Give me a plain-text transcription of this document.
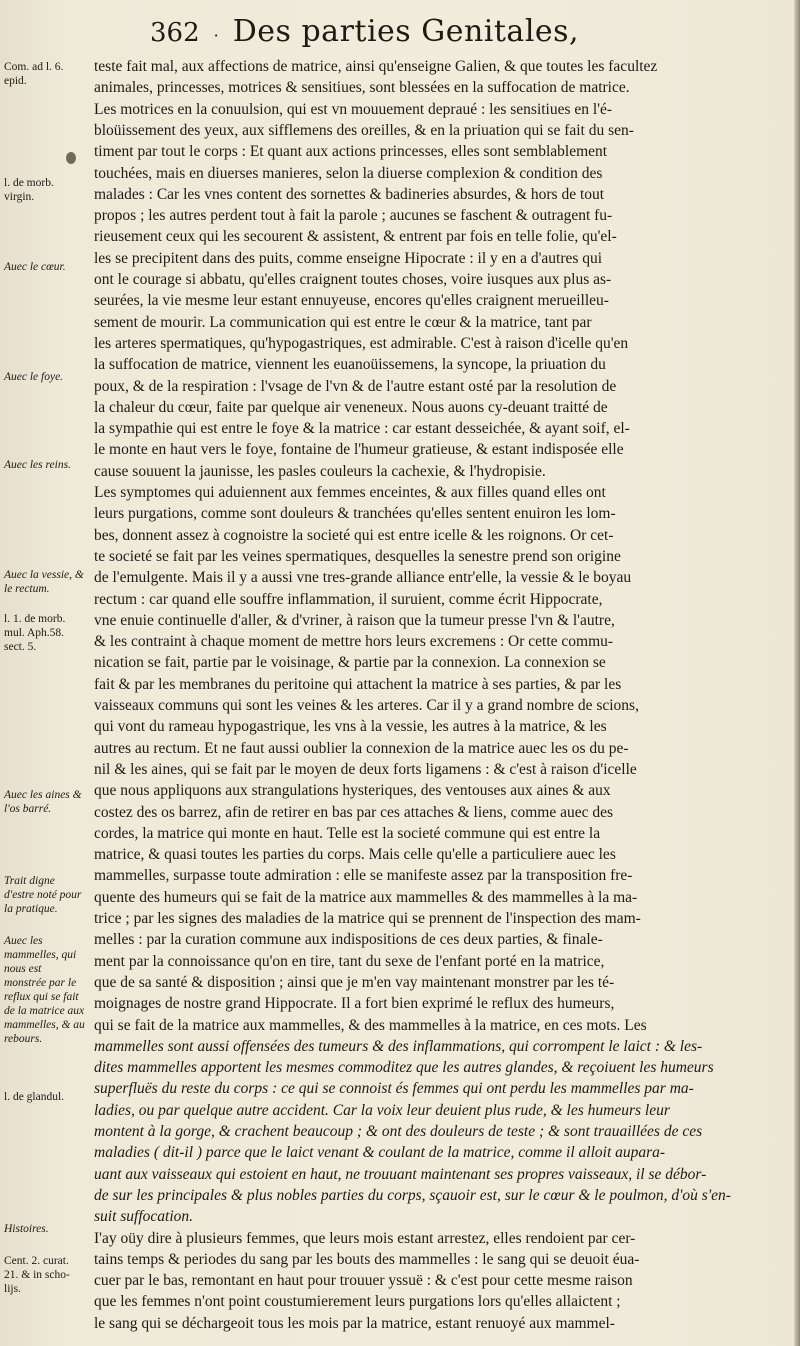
362 · Des parties Genitales,
Com. ad l. 6. epid.
l. de morb. virgin.
Auec le cœur.
Auec le foye.
Auec les reins.
Auec la vessie, & le rectum.
l. 1. de morb. mul. Aph.58. sect. 5.
Auec les aines & l'os barré.
Trait digne d'estre noté pour la pratique.
Auec les mammelles, qui nous est monstrée par le reflux qui se fait de la matrice aux mammelles, & au rebours.
l. de glandul.
Histoires.
Cent. 2. curat. 21. & in scho-lijs.
teste fait mal, aux affections de matrice, ainsi qu'enseigne Galien, & que toutes les facultez
animales, princesses, motrices & sensitiues, sont blessées en la suffocation de matrice.
Les motrices en la conuulsion, qui est vn mouuement depraué : les sensitiues en l'é-
bloüissement des yeux, aux sifflemens des oreilles, & en la priuation qui se fait du sen-
timent par tout le corps : Et quant aux actions princesses, elles sont semblablement
touchées, mais en diuerses manieres, selon la diuerse complexion & condition des
malades : Car les vnes content des sornettes & badineries absurdes, & hors de tout
propos ; les autres perdent tout à fait la parole ; aucunes se faschent & outragent fu-
rieusement ceux qui les secourent & assistent, & entrent par fois en telle folie, qu'el-
les se precipitent dans des puits, comme enseigne Hipocrate : il y en a d'autres qui
ont le courage si abbatu, qu'elles craignent toutes choses, voire iusques aux plus as-
seurées, la vie mesme leur estant ennuyeuse, encores qu'elles craignent merueilleu-
sement de mourir. La communication qui est entre le cœur & la matrice, tant par
les arteres spermatiques, qu'hypogastriques, est admirable. C'est à raison d'icelle qu'en
la suffocation de matrice, viennent les euanoüissemens, la syncope, la priuation du
poux, & de la respiration : l'vsage de l'vn & de l'autre estant osté par la resolution de
la chaleur du cœur, faite par quelque air veneneux. Nous auons cy-deuant traitté de
la sympathie qui est entre le foye & la matrice : car estant desseichée, & ayant soif, el-
le monte en haut vers le foye, fontaine de l'humeur gratieuse, & estant indisposée elle
cause souuent la jaunisse, les pasles couleurs la cachexie, & l'hydropisie.
Les symptomes qui aduiennent aux femmes enceintes, & aux filles quand elles ont
leurs purgations, comme sont douleurs & tranchées qu'elles sentent enuiron les lom-
bes, donnent assez à cognoistre la societé qui est entre icelle & les roignons. Or cet-
te societé se fait par les veines spermatiques, desquelles la senestre prend son origine
de l'emulgente. Mais il y a aussi vne tres-grande alliance entr'elle, la vessie & le boyau
rectum : car quand elle souffre inflammation, il suruient, comme écrit Hippocrate,
vne enuie continuelle d'aller, & d'vriner, à raison que la tumeur presse l'vn & l'autre,
& les contraint à chaque moment de mettre hors leurs excremens : Or cette commu-
nication se fait, partie par le voisinage, & partie par la connexion. La connexion se
fait & par les membranes du peritoine qui attachent la matrice à ses parties, & par les
vaisseaux communs qui sont les veines & les arteres. Car il y a grand nombre de scions,
qui vont du rameau hypogastrique, les vns à la vessie, les autres à la matrice, & les
autres au rectum. Et ne faut aussi oublier la connexion de la matrice auec les os du pe-
nil & les aines, qui se fait par le moyen de deux forts ligamens : & c'est à raison d'icelle
que nous appliquons aux strangulations hysteriques, des ventouses aux aines & aux
costez des os barrez, afin de retirer en bas par ces attaches & liens, comme auec des
cordes, la matrice qui monte en haut. Telle est la societé commune qui est entre la
matrice, & quasi toutes les parties du corps. Mais celle qu'elle a particuliere auec les
mammelles, surpasse toute admiration : elle se manifeste assez par la transposition fre-
quente des humeurs qui se fait de la matrice aux mammelles & des mammelles à la ma-
trice ; par les signes des maladies de la matrice qui se prennent de l'inspection des mam-
melles : par la curation commune aux indispositions de ces deux parties, & finale-
ment par la connoissance qu'on en tire, tant du sexe de l'enfant porté en la matrice,
que de sa santé & disposition ; ainsi que je m'en vay maintenant monstrer par les té-
moignages de nostre grand Hippocrate. Il a fort bien exprimé le reflux des humeurs,
qui se fait de la matrice aux mammelles, & des mammelles à la matrice, en ces mots. Les
mammelles sont aussi offensées des tumeurs & des inflammations, qui corrompent le laict : & les-
dites mammelles apportent les mesmes commoditez que les autres glandes, & reçoiuent les humeurs
superfluës du reste du corps : ce qui se connoist és femmes qui ont perdu les mammelles par ma-
ladies, ou par quelque autre accident. Car la voix leur deuient plus rude, & les humeurs leur
montent à la gorge, & crachent beaucoup ; & ont des douleurs de teste ; & sont trauaillées de ces
maladies ( dit-il ) parce que le laict venant & coulant de la matrice, comme il alloit aupara-
uant aux vaisseaux qui estoient en haut, ne trouuant maintenant ses propres vaisseaux, il se débor-
de sur les principales & plus nobles parties du corps, sçauoir est, sur le cœur & le poulmon, d'où s'en-
suit suffocation.
I'ay oüy dire à plusieurs femmes, que leurs mois estant arrestez, elles rendoient par cer-
tains temps & periodes du sang par les bouts des mammelles : le sang qui se deuoit éua-
cuer par le bas, remontant en haut pour trouuer yssuë : & c'est pour cette mesme raison
que les femmes n'ont point coustumierement leurs purgations lors qu'elles allaictent ;
le sang qui se déchargeoit tous les mois par la matrice, estant renuoyé aux mammel-
